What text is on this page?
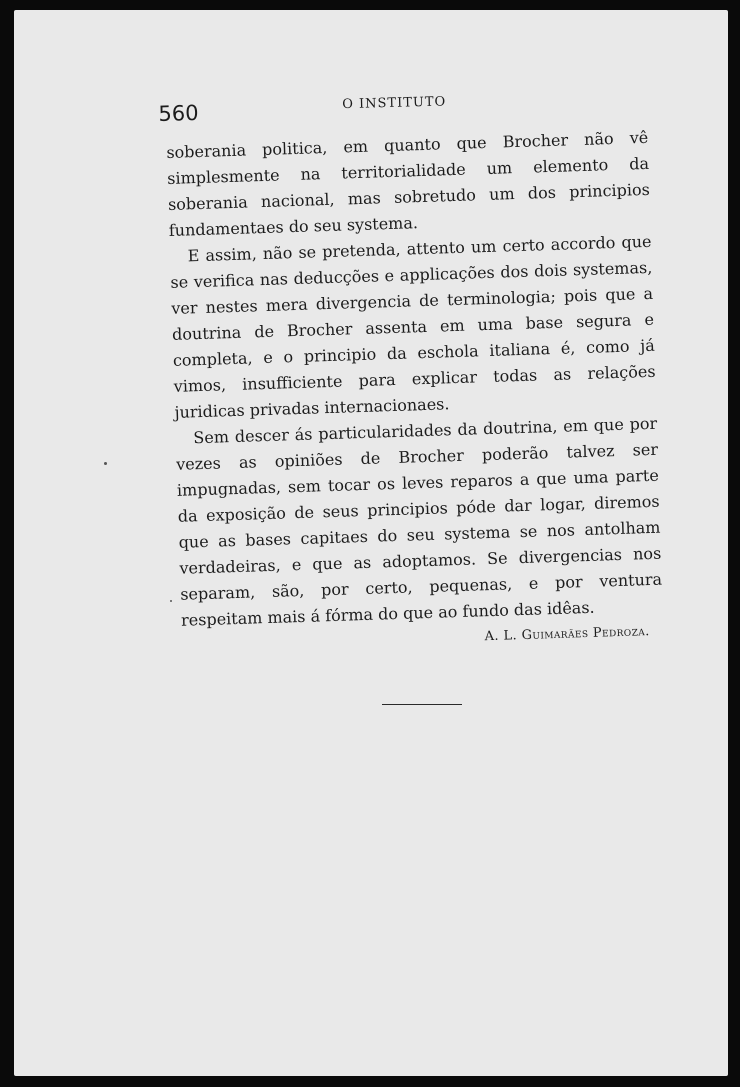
560	O INSTITUTO

soberania politica, em quanto que Brocher não vê simplesmente na territorialidade um elemento da soberania nacional, mas sobretudo um dos principios fundamentaes do seu systema.

E assim, não se pretenda, attento um certo accordo que se verifica nas deducções e applicações dos dois systemas, ver nestes mera divergencia de terminologia; pois que a doutrina de Brocher assenta em uma base segura e completa, e o principio da eschola italiana é, como já vimos, insufficiente para explicar todas as relações juridicas privadas internacionaes.

Sem descer ás particularidades da doutrina, em que por vezes as opiniões de Brocher poderão talvez ser impugnadas, sem tocar os leves reparos a que uma parte da exposição de seus principios póde dar logar, diremos que as bases capitaes do seu systema se nos antolham verdadeiras, e que as adoptamos. Se divergencias nos separam, são, por certo, pequenas, e por ventura respeitam mais á fórma do que ao fundo das idêas.

A. L. Guimarães Pedroza.
